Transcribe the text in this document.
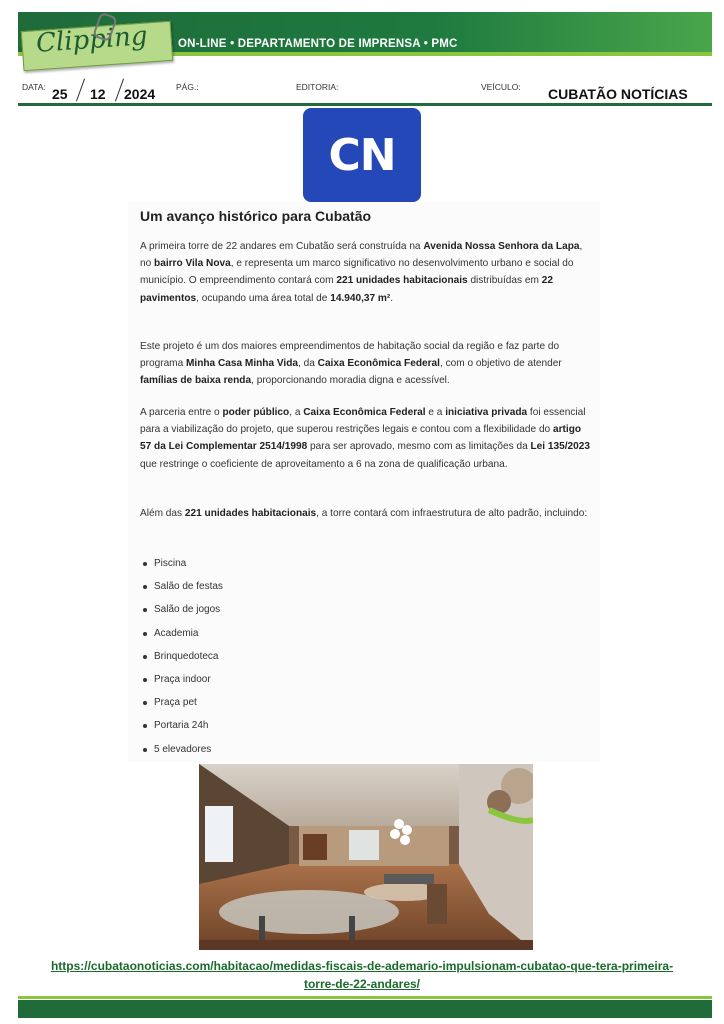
Clipping	ON-LINE • DEPARTAMENTO DE IMPRENSA • PMC
DATA: 25 12 2024 PÁG.:	EDITORIA:	VEÍCULO: CUBATÃO NOTÍCIAS
CN
Um avanço histórico para Cubatão
A primeira torre de 22 andares em Cubatão será construída na Avenida Nossa Senhora da Lapa, no bairro Vila Nova, e representa um marco significativo no desenvolvimento urbano e social do município. O empreendimento contará com 221 unidades habitacionais distribuídas em 22 pavimentos, ocupando uma área total de 14.940,37 m².
Este projeto é um dos maiores empreendimentos de habitação social da região e faz parte do programa Minha Casa Minha Vida, da Caixa Econômica Federal, com o objetivo de atender famílias de baixa renda, proporcionando moradia digna e acessível.
A parceria entre o poder público, a Caixa Econômica Federal e a iniciativa privada foi essencial para a viabilização do projeto, que superou restrições legais e contou com a flexibilidade do artigo 57 da Lei Complementar 2514/1998 para ser aprovado, mesmo com as limitações da Lei 135/2023 que restringe o coeficiente de aproveitamento a 6 na zona de qualificação urbana.
Além das 221 unidades habitacionais, a torre contará com infraestrutura de alto padrão, incluindo:
Piscina
Salão de festas
Salão de jogos
Academia
Brinquedoteca
Praça indoor
Praça pet
Portaria 24h
5 elevadores
https://cubataonoticias.com/habitacao/medidas-fiscais-de-ademario-impulsionam-cubatao-que-tera-primeira-torre-de-22-andares/
